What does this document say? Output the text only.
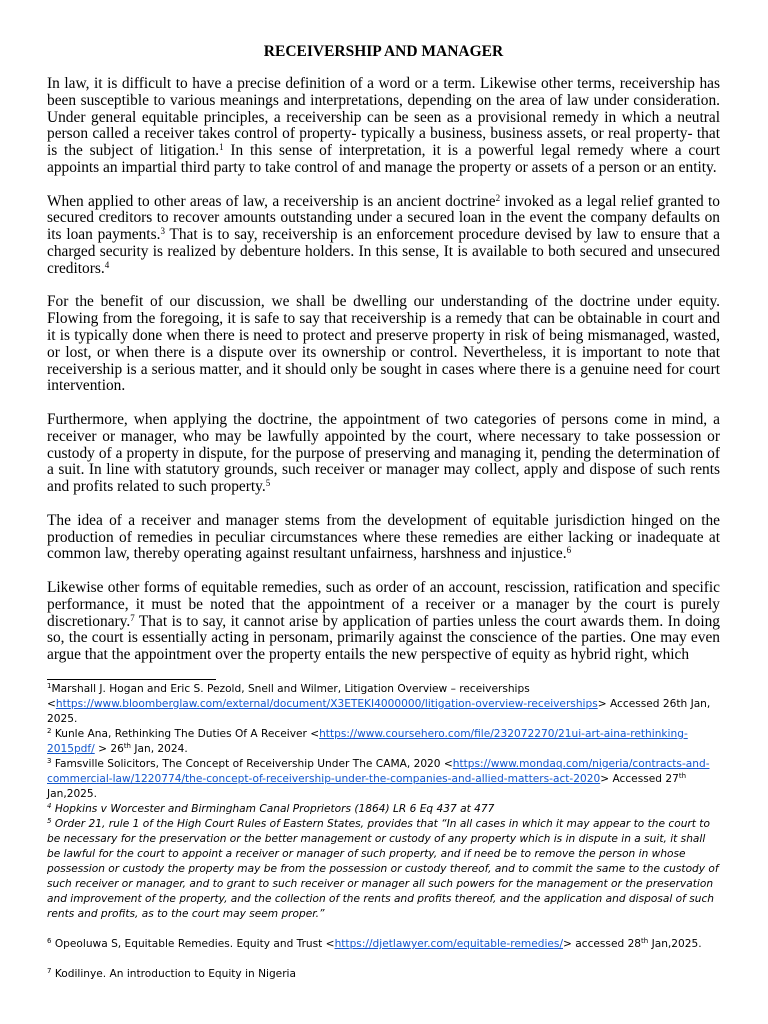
RECEIVERSHIP AND MANAGER

In law, it is difficult to have a precise definition of a word or a term. Likewise other terms, receivership has been susceptible to various meanings and interpretations, depending on the area of law under consideration. Under general equitable principles, a receivership can be seen as a provisional remedy in which a neutral person called a receiver takes control of property- typically a business, business assets, or real property- that is the subject of litigation.$^1$ In this sense of interpretation, it is a powerful legal remedy where a court appoints an impartial third party to take control of and manage the property or assets of a person or an entity.

When applied to other areas of law, a receivership is an ancient doctrine$^2$ invoked as a legal relief granted to secured creditors to recover amounts outstanding under a secured loan in the event the company defaults on its loan payments.$^3$ That is to say, receivership is an enforcement procedure devised by law to ensure that a charged security is realized by debenture holders. In this sense, It is available to both secured and unsecured creditors.$^4$

For the benefit of our discussion, we shall be dwelling our understanding of the doctrine under equity. Flowing from the foregoing, it is safe to say that receivership is a remedy that can be obtainable in court and it is typically done when there is need to protect and preserve property in risk of being mismanaged, wasted, or lost, or when there is a dispute over its ownership or control. Nevertheless, it is important to note that receivership is a serious matter, and it should only be sought in cases where there is a genuine need for court intervention.

Furthermore, when applying the doctrine, the appointment of two categories of persons come in mind, a receiver or manager, who may be lawfully appointed by the court, where necessary to take possession or custody of a property in dispute, for the purpose of preserving and managing it, pending the determination of a suit. In line with statutory grounds, such receiver or manager may collect, apply and dispose of such rents and profits related to such property.$^5$

The idea of a receiver and manager stems from the development of equitable jurisdiction hinged on the production of remedies in peculiar circumstances where these remedies are either lacking or inadequate at common law, thereby operating against resultant unfairness, harshness and injustice.$^6$

Likewise other forms of equitable remedies, such as order of an account, rescission, ratification and specific performance, it must be noted that the appointment of a receiver or a manager by the court is purely discretionary.$^7$ That is to say, it cannot arise by application of parties unless the court awards them. In doing so, the court is essentially acting in personam, primarily against the conscience of the parties. One may even argue that the appointment over the property entails the new perspective of equity as hybrid right, which

$^1$Marshall J. Hogan and Eric S. Pezold, Snell and Wilmer, Litigation Overview – receiverships <https://www.bloomberglaw.com/external/document/X3ETEKI4000000/litigation-overview-receiverships> Accessed 26th Jan, 2025.

$^2$ Kunle Ana, Rethinking The Duties Of A Receiver <https://www.coursehero.com/file/232072270/21ui-art-aina-rethinking-2015pdf/ > 26th Jan, 2024.

$^3$ Famsville Solicitors, The Concept of Receivership Under The CAMA, 2020 <https://www.mondaq.com/nigeria/contracts-and-commercial-law/1220774/the-concept-of-receivership-under-the-companies-and-allied-matters-act-2020> Accessed 27th Jan,2025.

$^4$ Hopkins v Worcester and Birmingham Canal Proprietors (1864) LR 6 Eq 437 at 477

$^5$ Order 21, rule 1 of the High Court Rules of Eastern States, provides that “In all cases in which it may appear to the court to be necessary for the preservation or the better management or custody of any property which is in dispute in a suit, it shall be lawful for the court to appoint a receiver or manager of such property, and if need be to remove the person in whose possession or custody the property may be from the possession or custody thereof, and to commit the same to the custody of such receiver or manager, and to grant to such receiver or manager all such powers for the management or the preservation and improvement of the property, and the collection of the rents and profits thereof, and the application and disposal of such rents and profits, as to the court may seem proper.”

$^6$ Opeoluwa S, Equitable Remedies. Equity and Trust <https://djetlawyer.com/equitable-remedies/> accessed 28th Jan,2025.

$^7$ Kodilinye. An introduction to Equity in Nigeria
